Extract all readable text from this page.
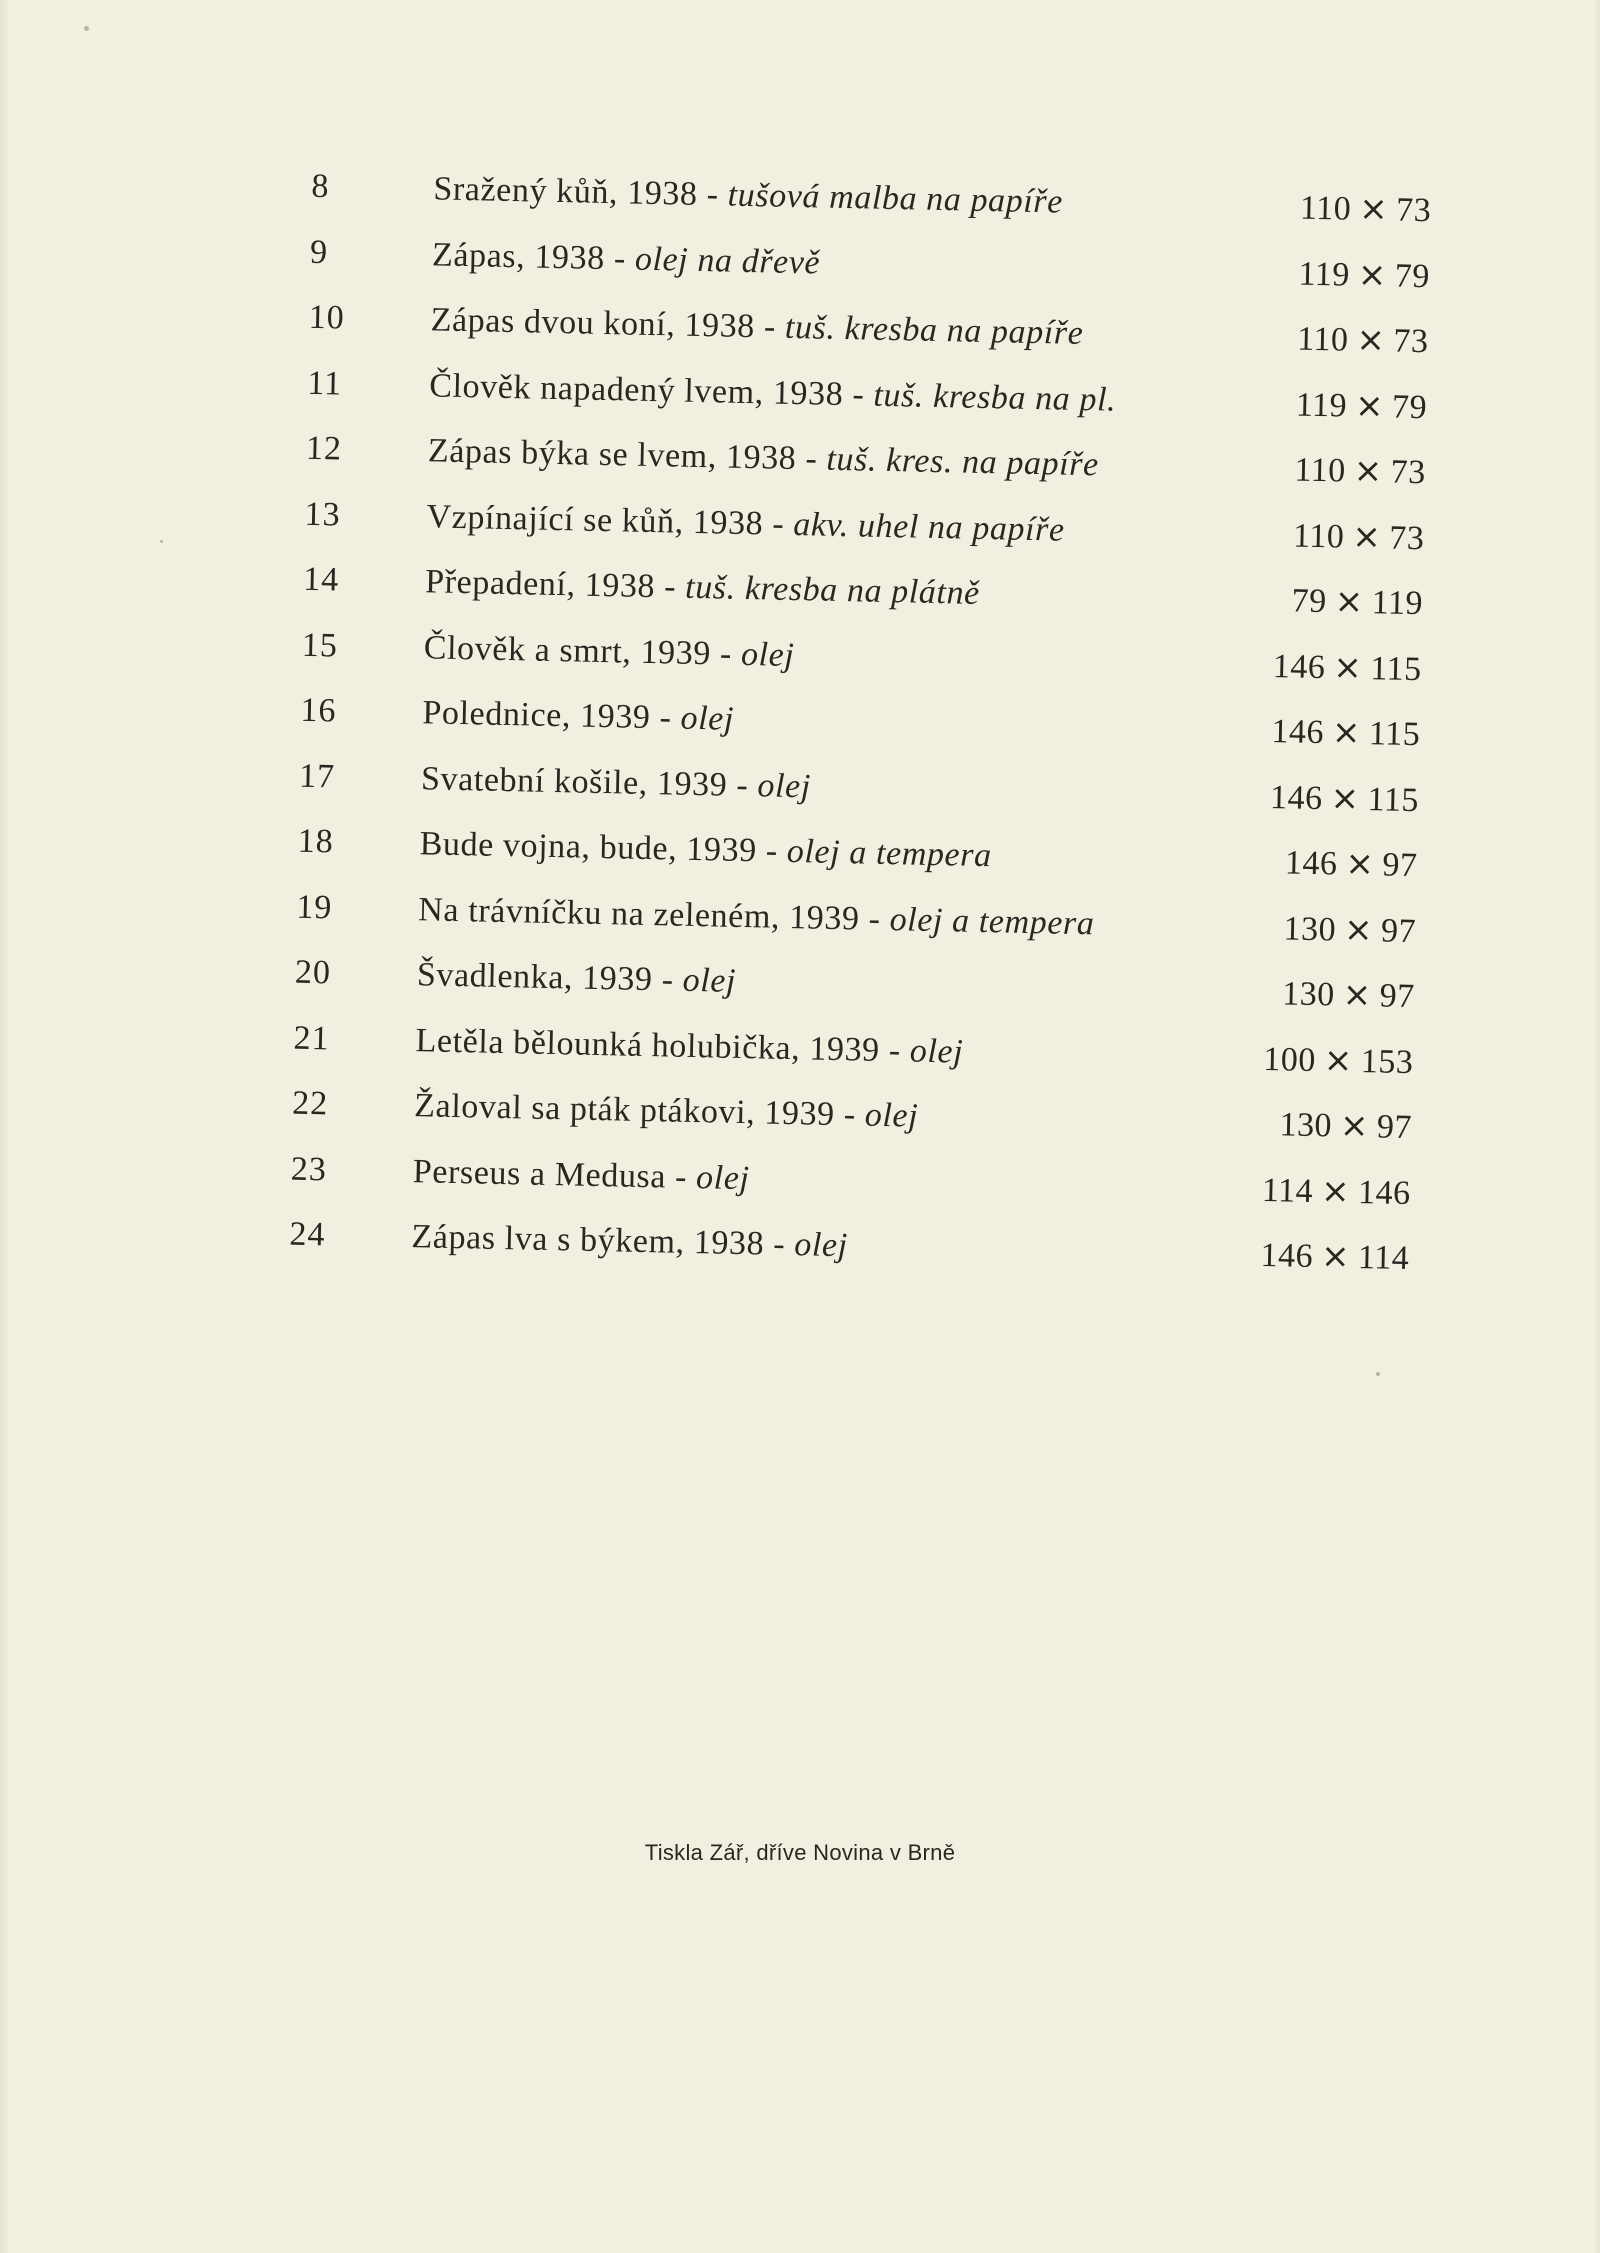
8	Sražený kůň, 1938 - tušová malba na papíře	110 × 73
9	Zápas, 1938 - olej na dřevě	119 × 79
10	Zápas dvou koní, 1938 - tuš. kresba na papíře	110 × 73
11	Člověk napadený lvem, 1938 - tuš. kresba na pl.	119 × 79
12	Zápas býka se lvem, 1938 - tuš. kres. na papíře	110 × 73
13	Vzpínající se kůň, 1938 - akv. uhel na papíře	110 × 73
14	Přepadení, 1938 - tuš. kresba na plátně	79 × 119
15	Člověk a smrt, 1939 - olej	146 × 115
16	Polednice, 1939 - olej	146 × 115
17	Svatební košile, 1939 - olej	146 × 115
18	Bude vojna, bude, 1939 - olej a tempera	146 × 97
19	Na trávníčku na zeleném, 1939 - olej a tempera	130 × 97
20	Švadlenka, 1939 - olej	130 × 97
21	Letěla bělounká holubička, 1939 - olej	100 × 153
22	Žaloval sa pták ptákovi, 1939 - olej	130 × 97
23	Perseus a Medusa - olej	114 × 146
24	Zápas lva s býkem, 1938 - olej	146 × 114
Tiskla Zář, dříve Novina v Brně
